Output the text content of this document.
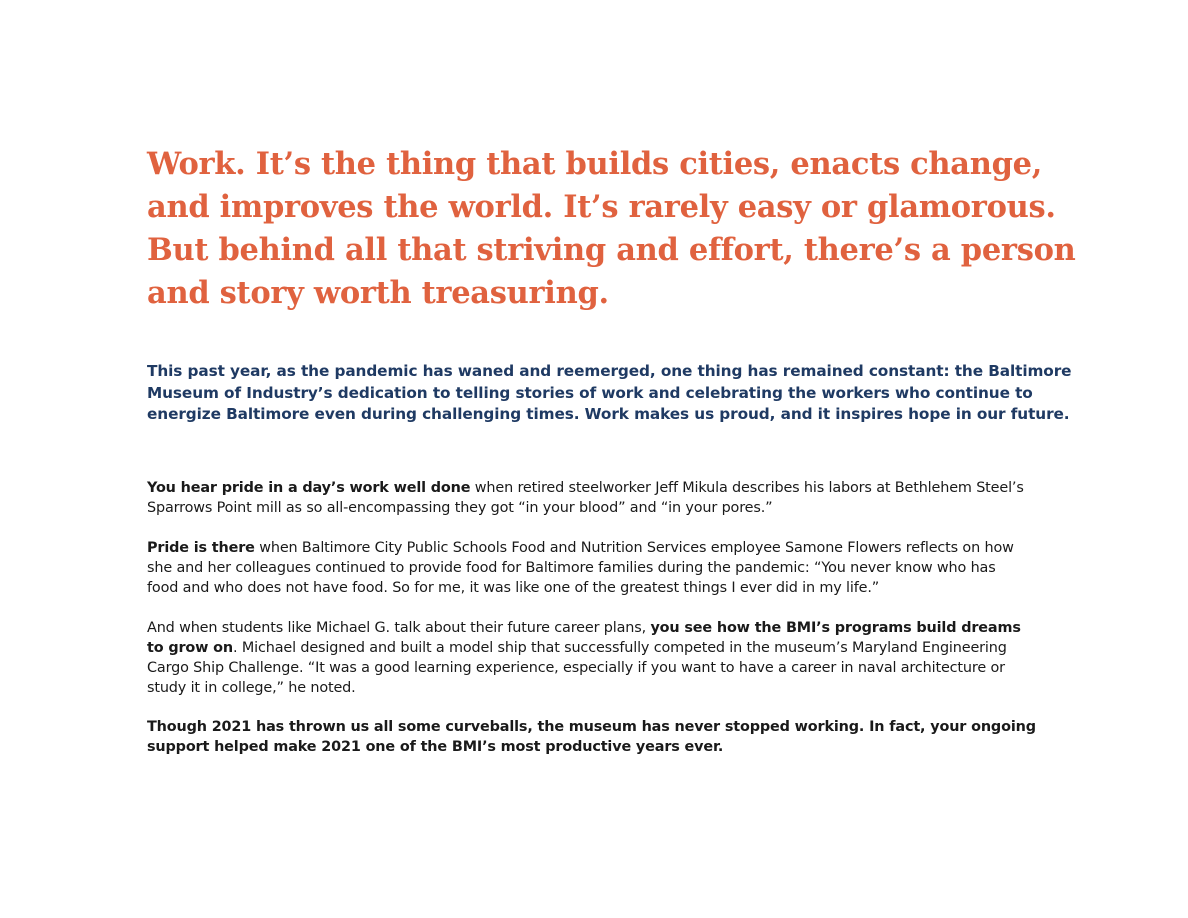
Work. It’s the thing that builds cities, enacts change,
and improves the world. It’s rarely easy or glamorous.
But behind all that striving and effort, there’s a person
and story worth treasuring.

This past year, as the pandemic has waned and reemerged, one thing has remained constant: the Baltimore
Museum of Industry’s dedication to telling stories of work and celebrating the workers who continue to
energize Baltimore even during challenging times. Work makes us proud, and it inspires hope in our future.

You hear pride in a day’s work well done when retired steelworker Jeff Mikula describes his labors at Bethlehem Steel’s
Sparrows Point mill as so all-encompassing they got “in your blood” and “in your pores.”

Pride is there when Baltimore City Public Schools Food and Nutrition Services employee Samone Flowers reflects on how
she and her colleagues continued to provide food for Baltimore families during the pandemic: “You never know who has
food and who does not have food. So for me, it was like one of the greatest things I ever did in my life.”

And when students like Michael G. talk about their future career plans, you see how the BMI’s programs build dreams
to grow on. Michael designed and built a model ship that successfully competed in the museum’s Maryland Engineering
Cargo Ship Challenge. “It was a good learning experience, especially if you want to have a career in naval architecture or
study it in college,” he noted.

Though 2021 has thrown us all some curveballs, the museum has never stopped working. In fact, your ongoing
support helped make 2021 one of the BMI’s most productive years ever.
